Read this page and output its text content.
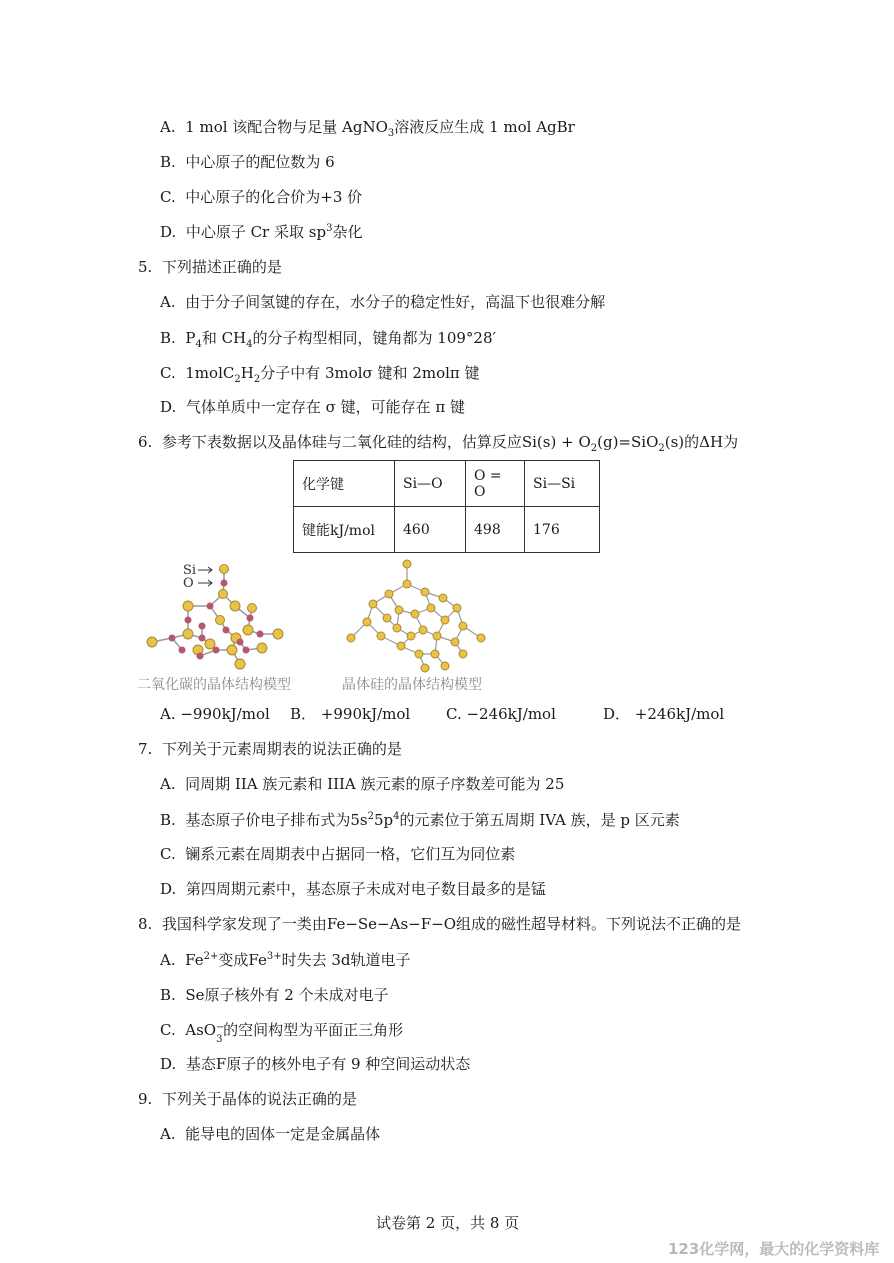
A. 1 mol 该配合物与足量 AgNO$_3$溶液反应生成 1 mol AgBr
B. 中心原子的配位数为 6
C. 中心原子的化合价为+3 价
D. 中心原子 Cr 采取 $sp^3$杂化
5. 下列描述正确的是
A. 由于分子间氢键的存在，水分子的稳定性好，高温下也很难分解
B. $P_4$和 $CH_4$的分子构型相同，键角都为 109°28′
C. $1molC_2H_2$分子中有 3molσ 键和 2molπ 键
D. 气体单质中一定存在 σ 键，可能存在 π 键
6. 参考下表数据以及晶体硅与二氧化硅的结构，估算反应$Si(s) + O_2(g)=SiO_2(s)$的ΔH为
化学键	Si—O	O = O	Si—Si
键能kJ/mol	460	498	176
Si
O
二氧化碳的晶体结构模型	晶体硅的晶体结构模型
A. −990kJ/mol B． +990kJ/mol C. −246kJ/mol	D． +246kJ/mol
7. 下列关于元素周期表的说法正确的是
A. 同周期 IIA 族元素和 IIIA 族元素的原子序数差可能为 25
B. 基态原子价电子排布式为$5s^25p^4$的元素位于第五周期 IVA 族，是 p 区元素
C. 镧系元素在周期表中占据同一格，它们互为同位素
D. 第四周期元素中，基态原子未成对电子数目最多的是锰
8. 我国科学家发现了一类由Fe−Se−As−F−O组成的磁性超导材料。下列说法不正确的是
A. $Fe^{2+}$变成$Fe^{3+}$时失去 3d轨道电子
B. Se原子核外有 2 个未成对电子
C. AsO −
3
的空间构型为平面正三角形
D. 基态F原子的核外电子有 9 种空间运动状态
9. 下列关于晶体的说法正确的是
A. 能导电的固体一定是金属晶体
试卷第 2 页，共 8 页
123化学网，最大的化学资料库
